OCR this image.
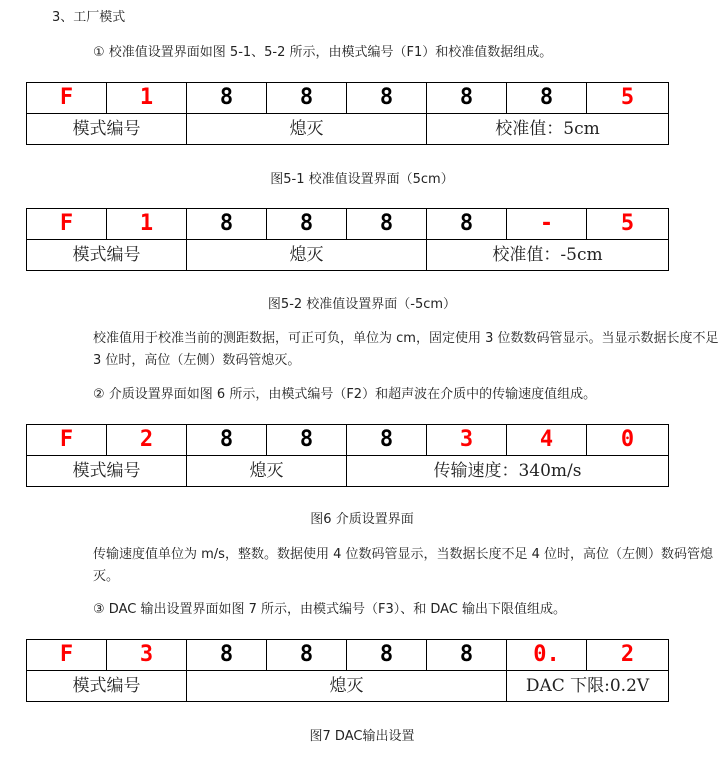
3、工厂模式
① 校准值设置界面如图 5-1、5-2 所示，由模式编号（F1）和校准值数据组成。
F	1	8	8	8	8	8	5
模式编号		熄灭			校准值：5cm		
图5-1 校准值设置界面（5cm）
F	1	8	8	8	8	-	5
模式编号		熄灭			校准值：-5cm		
图5-2 校准值设置界面（-5cm）
校准值用于校准当前的测距数据，可正可负，单位为 cm，固定使用 3 位数数码管显示。当显示数据长度不足 3 位时，高位（左侧）数码管熄灭。
② 介质设置界面如图 6 所示，由模式编号（F2）和超声波在介质中的传输速度值组成。
F	2	8	8	8	3	4	0
模式编号		熄灭		传输速度：340m/s			
图6 介质设置界面
传输速度值单位为 m/s，整数。数据使用 4 位数码管显示，当数据长度不足 4 位时，高位（左侧）数码管熄灭。
③ DAC 输出设置界面如图 7 所示，由模式编号（F3）、和 DAC 输出下限值组成。
F	3	8	8	8	8	0.	2
模式编号		熄灭				DAC 下限:0.2V	
图7 DAC输出设置
